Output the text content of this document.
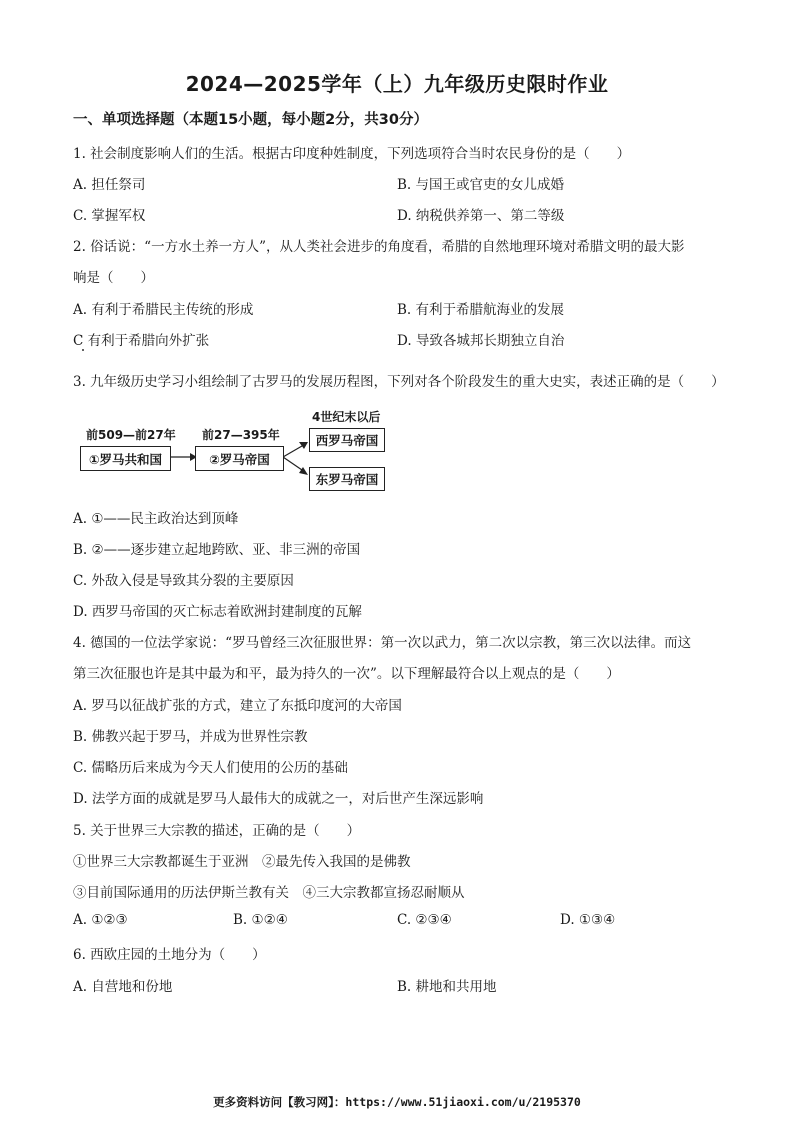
2024—2025学年（上）九年级历史限时作业
一、单项选择题（本题15小题，每小题2分，共30分）
1. 社会制度影响人们的生活。根据古印度种姓制度，下列选项符合当时农民身份的是（　　）
A. 担任祭司	B. 与国王或官吏的女儿成婚
C. 掌握军权	D. 纳税供养第一、第二等级
2. 俗话说：“一方水土养一方人”，从人类社会进步的角度看，希腊的自然地理环境对希腊文明的最大影
响是（　　）
A. 有利于希腊民主传统的形成	B. 有利于希腊航海业的发展
C 有利于希腊向外扩张	D. 导致各城邦长期独立自治
3. 九年级历史学习小组绘制了古罗马的发展历程图，下列对各个阶段发生的重大史实，表述正确的是（　　）
前509—前27年
①罗马共和国
前27—395年
②罗马帝国
4世纪末以后
西罗马帝国
东罗马帝国
A. ①——民主政治达到顶峰
B. ②——逐步建立起地跨欧、亚、非三洲的帝国
C. 外敌入侵是导致其分裂的主要原因
D. 西罗马帝国的灭亡标志着欧洲封建制度的瓦解
4. 德国的一位法学家说：“罗马曾经三次征服世界：第一次以武力，第二次以宗教，第三次以法律。而这
第三次征服也许是其中最为和平，最为持久的一次”。以下理解最符合以上观点的是（　　）
A. 罗马以征战扩张的方式，建立了东抵印度河的大帝国
B. 佛教兴起于罗马，并成为世界性宗教
C. 儒略历后来成为今天人们使用的公历的基础
D. 法学方面的成就是罗马人最伟大的成就之一，对后世产生深远影响
5. 关于世界三大宗教的描述，正确的是（　　）
①世界三大宗教都诞生于亚洲　②最先传入我国的是佛教
③目前国际通用的历法伊斯兰教有关　④三大宗教都宣扬忍耐顺从
A. ①②③	B. ①②④	C. ②③④	D. ①③④
6. 西欧庄园的土地分为（　　）
A. 自营地和份地	B. 耕地和共用地
更多资料访问【教习网】：https://www.51jiaoxi.com/u/2195370
